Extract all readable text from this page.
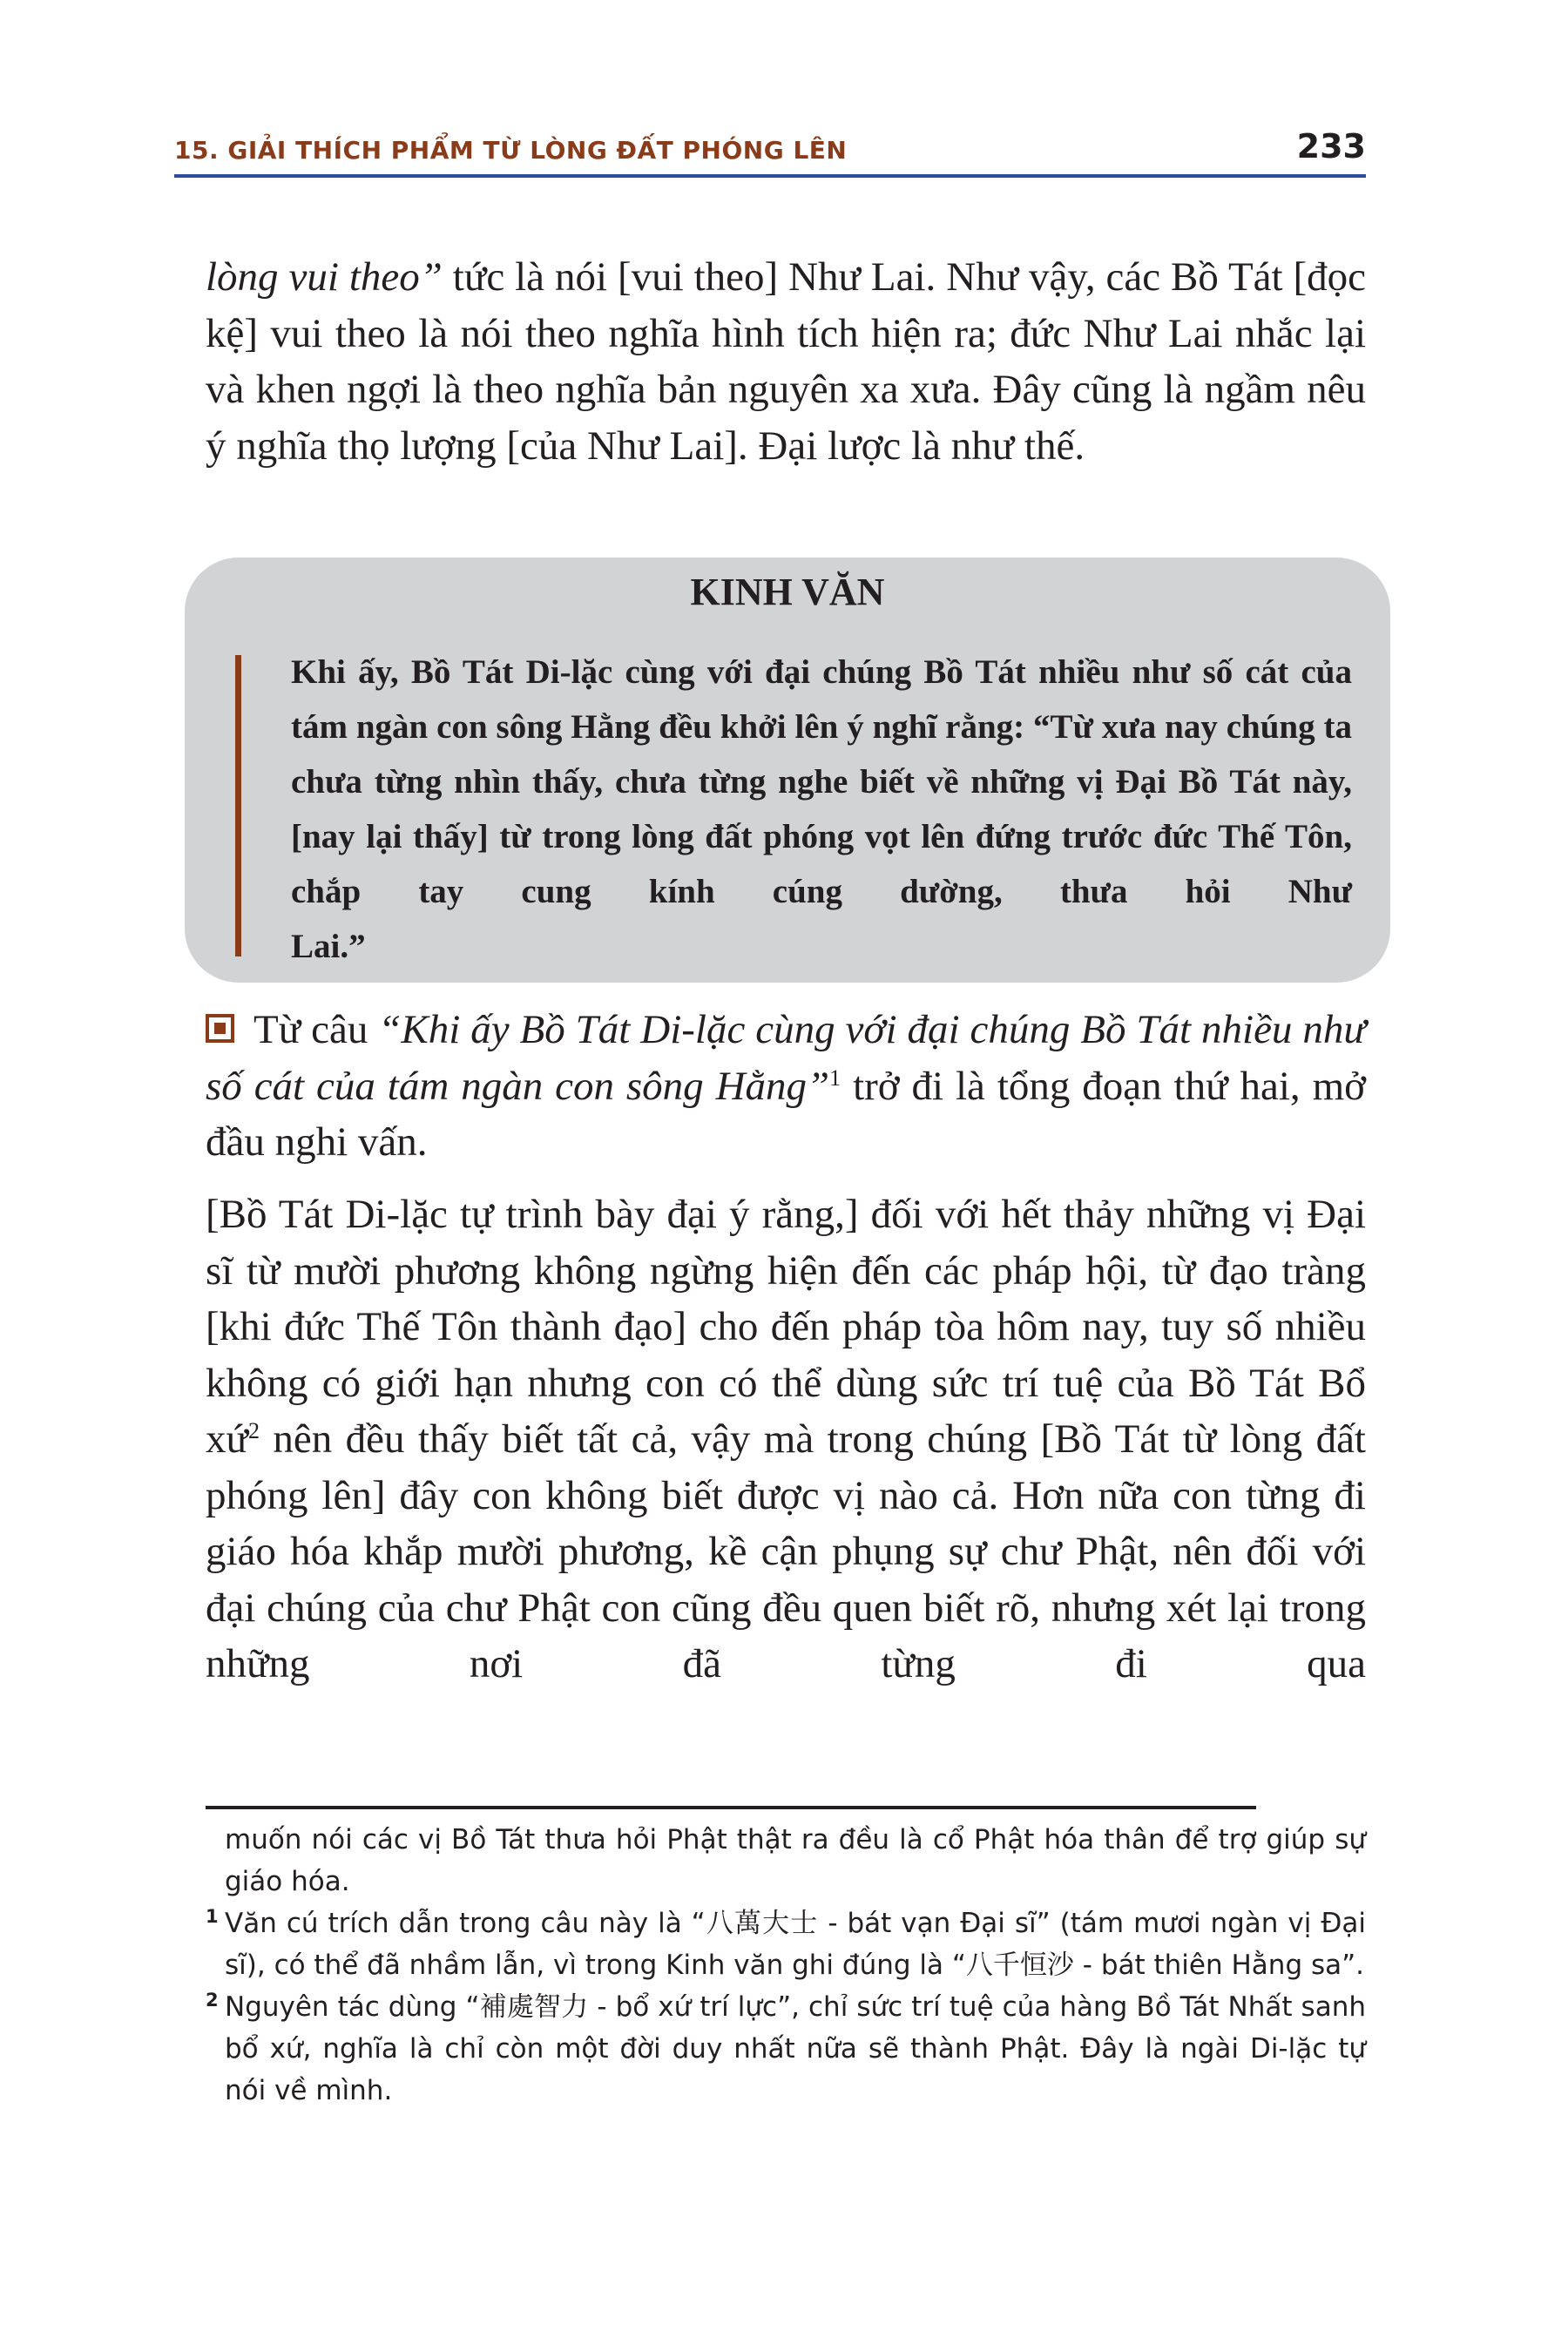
15. GIẢI THÍCH PHẨM TỪ LÒNG ĐẤT PHÓNG LÊN	233
lòng vui theo” tức là nói [vui theo] Như Lai. Như vậy, các Bồ Tát [đọc kệ] vui theo là nói theo nghĩa hình tích hiện ra; đức Như Lai nhắc lại và khen ngợi là theo nghĩa bản nguyên xa xưa. Đây cũng là ngầm nêu ý nghĩa thọ lượng [của Như Lai]. Đại lược là như thế.
KINH VĂN
Khi ấy, Bồ Tát Di-lặc cùng với đại chúng Bồ Tát nhiều như số cát của tám ngàn con sông Hằng đều khởi lên ý nghĩ rằng: “Từ xưa nay chúng ta chưa từng nhìn thấy, chưa từng nghe biết về những vị Đại Bồ Tát này, [nay lại thấy] từ trong lòng đất phóng vọt lên đứng trước đức Thế Tôn, chắp tay cung kính cúng dường, thưa hỏi Như
Lai.”
Từ câu “Khi ấy Bồ Tát Di-lặc cùng với đại chúng Bồ Tát nhiều như số cát của tám ngàn con sông Hằng”$^1$ trở đi là tổng đoạn thứ hai, mở đầu nghi vấn.
[Bồ Tát Di-lặc tự trình bày đại ý rằng,] đối với hết thảy những vị Đại sĩ từ mười phương không ngừng hiện đến các pháp hội, từ đạo tràng [khi đức Thế Tôn thành đạo] cho đến pháp tòa hôm nay, tuy số nhiều không có giới hạn nhưng con có thể dùng sức trí tuệ của Bồ Tát Bổ xứ$^2$ nên đều thấy biết tất cả, vậy mà trong chúng [Bồ Tát từ lòng đất phóng lên] đây con không biết được vị nào cả. Hơn nữa con từng đi giáo hóa khắp mười phương, kề cận phụng sự chư Phật, nên đối với đại chúng của chư Phật con cũng đều quen biết rõ, nhưng xét lại trong những nơi đã từng đi qua
muốn nói các vị Bồ Tát thưa hỏi Phật thật ra đều là cổ Phật hóa thân để trợ giúp sự giáo hóa.
1 Văn cú trích dẫn trong câu này là “八萬大士 - bát vạn Đại sĩ” (tám mươi ngàn vị Đại sĩ), có thể đã nhầm lẫn, vì trong Kinh văn ghi đúng là “八千恒沙 - bát thiên Hằng sa”.
2 Nguyên tác dùng “補處智力 - bổ xứ trí lực”, chỉ sức trí tuệ của hàng Bồ Tát Nhất sanh bổ xứ, nghĩa là chỉ còn một đời duy nhất nữa sẽ thành Phật. Đây là ngài Di-lặc tự nói về mình.
